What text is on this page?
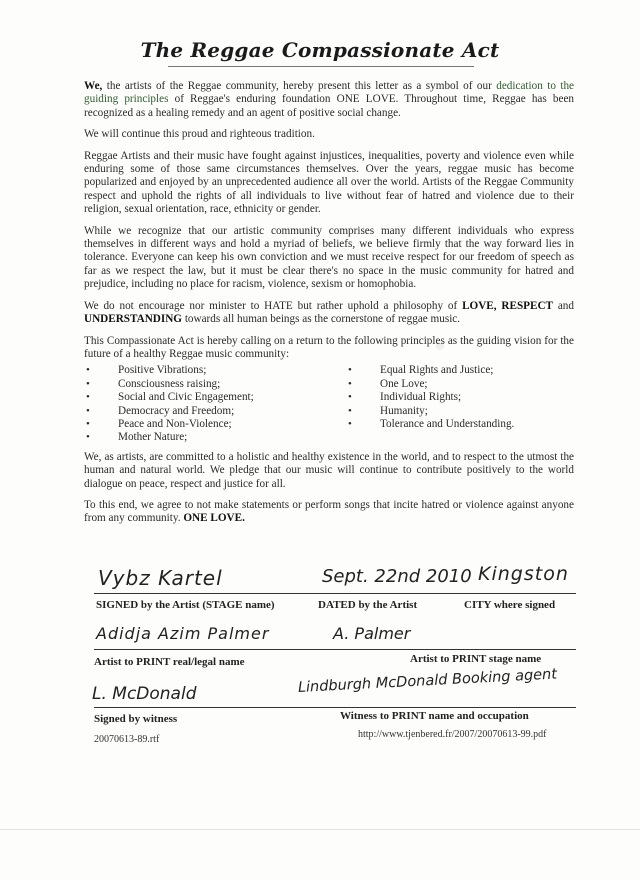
The Reggae Compassionate Act

We, the artists of the Reggae community, hereby present this letter as a symbol of our dedication to the guiding principles of Reggae's enduring foundation ONE LOVE. Throughout time, Reggae has been recognized as a healing remedy and an agent of positive social change.

We will continue this proud and righteous tradition.

Reggae Artists and their music have fought against injustices, inequalities, poverty and violence even while enduring some of those same circumstances themselves. Over the years, reggae music has become popularized and enjoyed by an unprecedented audience all over the world. Artists of the Reggae Community respect and uphold the rights of all individuals to live without fear of hatred and violence due to their religion, sexual orientation, race, ethnicity or gender.

While we recognize that our artistic community comprises many different individuals who express themselves in different ways and hold a myriad of beliefs, we believe firmly that the way forward lies in tolerance. Everyone can keep his own conviction and we must receive respect for our freedom of speech as far as we respect the law, but it must be clear there's no space in the music community for hatred and prejudice, including no place for racism, violence, sexism or homophobia.

We do not encourage nor minister to HATE but rather uphold a philosophy of LOVE, RESPECT and UNDERSTANDING towards all human beings as the cornerstone of reggae music.

This Compassionate Act is hereby calling on a return to the following principles as the guiding vision for the future of a healthy Reggae music community:

• Positive Vibrations;
• Consciousness raising;
• Social and Civic Engagement;
• Democracy and Freedom;
• Peace and Non-Violence;
• Mother Nature;
• Equal Rights and Justice;
• One Love;
• Individual Rights;
• Humanity;
• Tolerance and Understanding.

We, as artists, are committed to a holistic and healthy existence in the world, and to respect to the utmost the human and natural world. We pledge that our music will continue to contribute positively to the world dialogue on peace, respect and justice for all.

To this end, we agree to not make statements or perform songs that incite hatred or violence against anyone from any community. ONE LOVE.

Vybz Kartel	Sept. 22nd 2010 Kingston
SIGNED by the Artist (STAGE name)	DATED by the Artist	CITY where signed
Adidja Azim Palmer	A. Palmer
Artist to PRINT real/legal name	Artist to PRINT stage name
L. McDonald	Lindburgh McDonald Booking agent
Signed by witness	Witness to PRINT name and occupation
20070613-89.rtf	http://www.tjenbered.fr/2007/20070613-99.pdf
